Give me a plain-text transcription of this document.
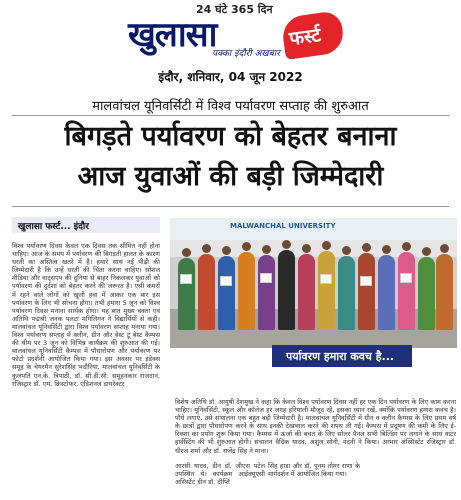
24 घंटे 365 दिन
खुलासा	फर्स्ट
पक्का इंदौरी अखबार
इंदौर, शनिवार, 04 जून 2022
मालवांचल यूनिवर्सिटी में विश्व पर्यावरण सप्ताह की शुरुआत
बिगड़ते पर्यावरण को बेहतर बनाना
आज युवाओं की बड़ी जिम्मेदारी
खुलासा फर्स्ट... इंदौर

विश्व पर्यावरण दिवस केवल एक दिवस तक सीमित नहीं होना चाहिए। आज के समय में पर्यावरण की बिगड़ती हालत के कारण धरती का अस्तित्व खतरे में है। हमारे साथ नई पीढ़ी की जिम्मेदारी है कि उन्हें धरती की चिंता करना चाहिए। सोशल मीडिया और वाट्सएप की दुनिया से बाहर निकलकर युवाओं को पर्यावरण की दुर्दशा को बेहतर करने की जरूरत है। एसी कमरों में रहने वाले लोगों को खुली हवा में आकर एक बार इस पर्यावरण के लिए भी सोचना होगा। तभी हमारा 5 जून को विश्व पर्यावरण दिवस मनाना सार्थक होगा। यह बात मुख्य वक्ता एवं अतिथि पद्मश्री जनक पलटा मगिलिगन ने विद्यार्थियों से कही। मालवांचल यूनिवर्सिटी द्वारा विश्व पर्यावरण सप्ताह मनाया गया। विश्व पर्यावरण सप्ताह में क्लीन, ग्रीन और वेस्ट टू बेस्ट कैम्पस की थीम पर 3 जून को विभिन्न कार्यक्रम की शुरुआत की गई। मालवांचल यूनिवर्सिटी कैम्पस में पौधारोपण और पर्यावरण पर फोटो प्रदर्शनी आयोजित किया गया। इस अवसर पर इंडेक्स समूह के चेयरमैन सुरेशसिंह भदौरिया, मालवांचल यूनिवर्सिटी के कुलपति एन.के. त्रिपाठी, डॉ. सी.डी.सी. समूहनकार राजदान, रजिस्ट्रार डॉ. एम. क्रिस्टोफर, एडिशनल डायरेक्टर

MALWANCHAL UNIVERSITY
पर्यावरण हमारा कवच है...

विशेष अतिथि डॉ. आयुषी देशमुख ने कहा कि केवल विश्व पर्यावरण दिवस नहीं हर एक दिन पर्यावरण के लिए काम करना चाहिए। यूनिवर्सिटी, स्कूल और कॉलेज हर जगह हरियाली मौजूद रहे, इसका ध्यान रखें, क्योंकि पर्यावरण हमारा कवच है। पौधे लगाएं, उसे संभालना एक बहुत बड़ी जिम्मेदारी है। मालवांचल यूनिवर्सिटी में ग्रीन व क्लीन कैम्पस के लिए प्रथम वर्ष के छात्रों द्वारा पौधारोपण करने के साथ इनकी देखभाल करने की शपथ ली गई। कैम्पस में प्रदूषण की कमी के लिए ई-रिक्शा का प्रयोग शुरू किया गया। कैम्पस में ऊर्जा की बचत के लिए सोलर पैनल सभी बिल्डिंग पर लगाने के साथ वाटर हार्वेस्टिंग की भी शुरुआत होगी। संचालन वैदिक यादव, अंशुल सोनी, नंदनी ने किया। आभार अस्सिस्टेंट रजिस्ट्रार डॉ. धीरज शर्मा और डॉ. राजेंद्र सिंह ने माना।

आरसी यादव, डीन डॉ. जीएस पटेल उपस्थित थे। कार्यक्रम आईक्यूएसी असिस्टेंट डीन डॉ. दीप्ति

सिंह हाडा और डॉ. पूनम तोमर राणा के मार्गदर्शन में आयोजित किया गया।
